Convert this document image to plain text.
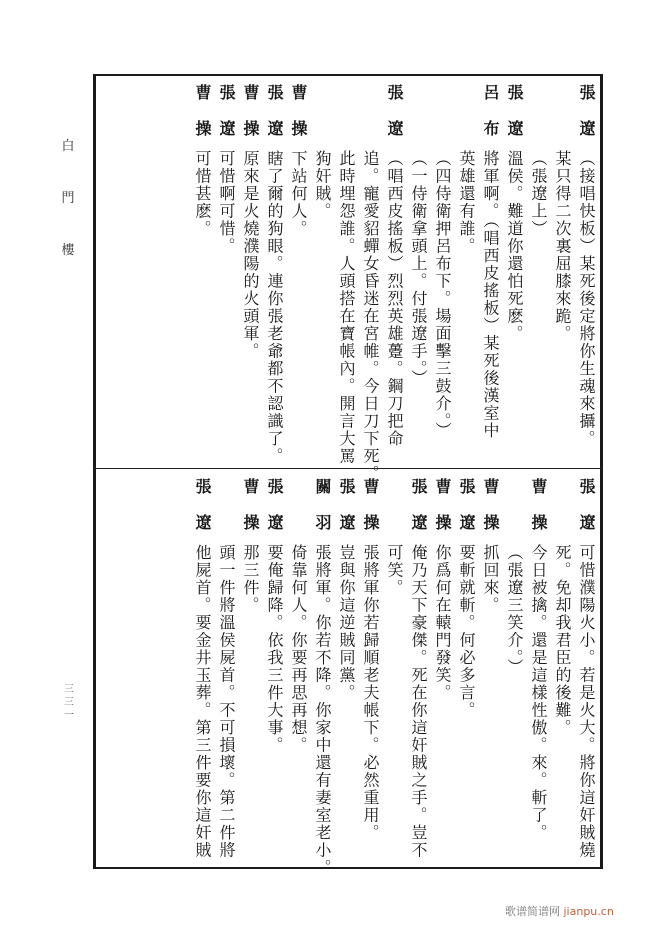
白
門
樓
三
三
一
張遼
（接唱快板）某死後定將你生魂來攝。
某只得二次裏屈膝來跪。
（張遼上）
張遼
溫侯。難道你還怕死麽。
呂布
將軍啊。（唱西皮搖板）某死後漢室中
英雄還有誰。
（四侍衛押呂布下。場面擊三鼓介。）
（一侍衛拿頭上。付張遼手。）
張遼
（唱西皮搖板）烈烈英雄躉。鋼刀把命
追。寵愛貂蟬女昏迷在宮帷。今日刀下死。
此時埋怨誰。人頭搭在寶帳內。開言大罵
狗奸賊。
曹操
下站何人。
張遼
瞎了爾的狗眼。連你張老爺都不認識了。
曹操
原來是火燒濮陽的火頭軍。
張遼
可惜啊可惜。
曹操
可惜甚麽。
張遼
可惜濮陽火小。若是火大。將你這奸賊燒
死。免却我君臣的後難。
曹操
今日被擒。還是這樣性傲。來。斬了。
（張遼三笑介。）
曹操
抓回來。
張遼
要斬就斬。何必多言。
曹操
你爲何在轅門發笑。
張遼
俺乃天下豪傑。死在你這奸賊之手。豈不
可笑。
曹操
張將軍你若歸順老夫帳下。必然重用。
張遼
豈與你這逆賊同黨。
關羽
張將軍。你若不降。你家中還有妻室老小。
倚靠何人。你要再思再想。
張遼
要俺歸降。依我三件大事。
曹操
那三件。
頭一件將溫侯屍首。不可損壞。第二件將
張遼
他屍首。要金井玉葬。第三件要你這奸賊
歌谱简谱网 jianpu.cn
